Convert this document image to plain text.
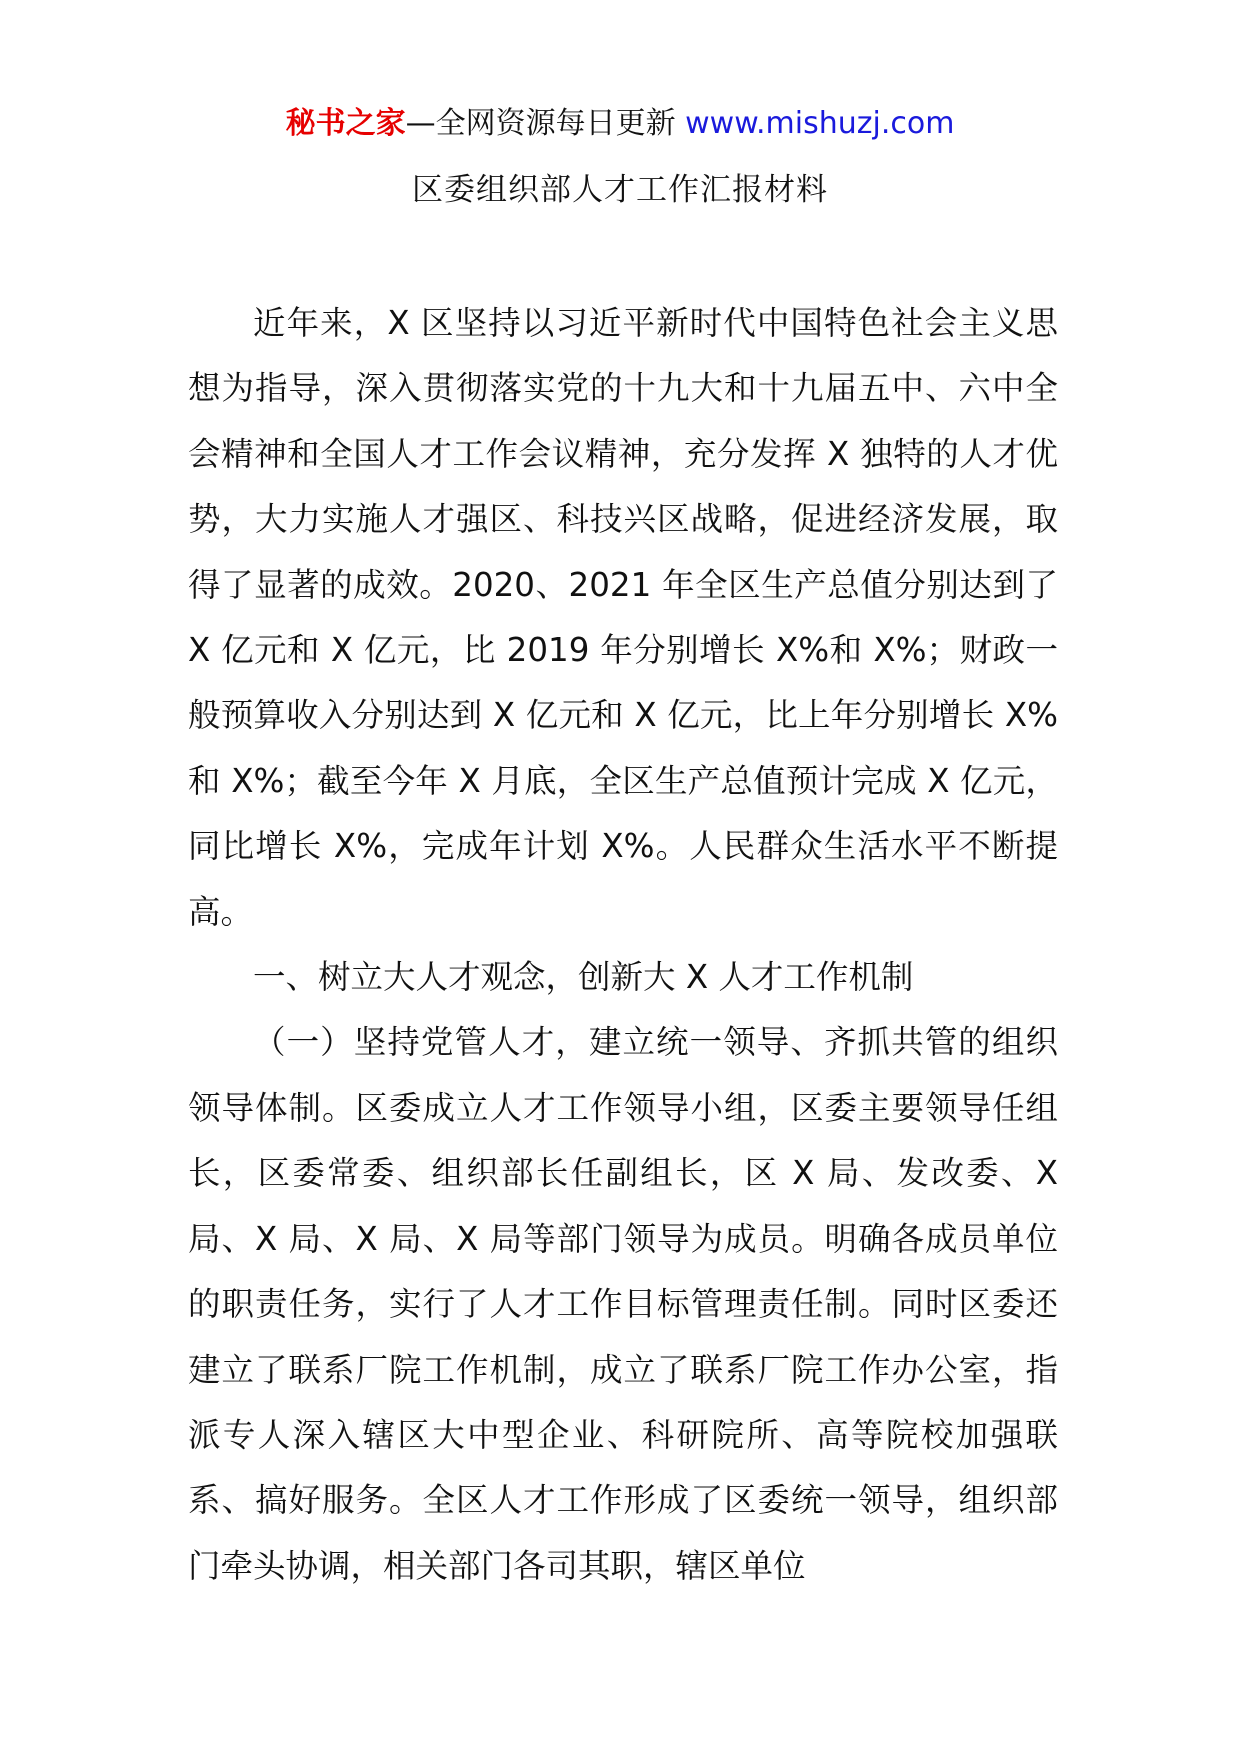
秘书之家—全网资源每日更新 www.mishuzj.com
区委组织部人才工作汇报材料

近年来，X 区坚持以习近平新时代中国特色社会主义思想为指导，深入贯彻落实党的十九大和十九届五中、六中全会精神和全国人才工作会议精神，充分发挥 X 独特的人才优势，大力实施人才强区、科技兴区战略，促进经济发展，取得了显著的成效。2020、2021 年全区生产总值分别达到了 X 亿元和 X 亿元，比 2019 年分别增长 X%和 X%；财政一般预算收入分别达到 X 亿元和 X 亿元，比上年分别增长 X%和 X%；截至今年 X 月底，全区生产总值预计完成 X 亿元，同比增长 X%，完成年计划 X%。人民群众生活水平不断提高。

一、树立大人才观念，创新大 X 人才工作机制

（一）坚持党管人才，建立统一领导、齐抓共管的组织领导体制。区委成立人才工作领导小组，区委主要领导任组长，区委常委、组织部长任副组长，区 X 局、发改委、X 局、X 局、X 局、X 局等部门领导为成员。明确各成员单位的职责任务，实行了人才工作目标管理责任制。同时区委还建立了联系厂院工作机制，成立了联系厂院工作办公室，指派专人深入辖区大中型企业、科研院所、高等院校加强联系、搞好服务。全区人才工作形成了区委统一领导，组织部门牵头协调，相关部门各司其职，辖区单位
